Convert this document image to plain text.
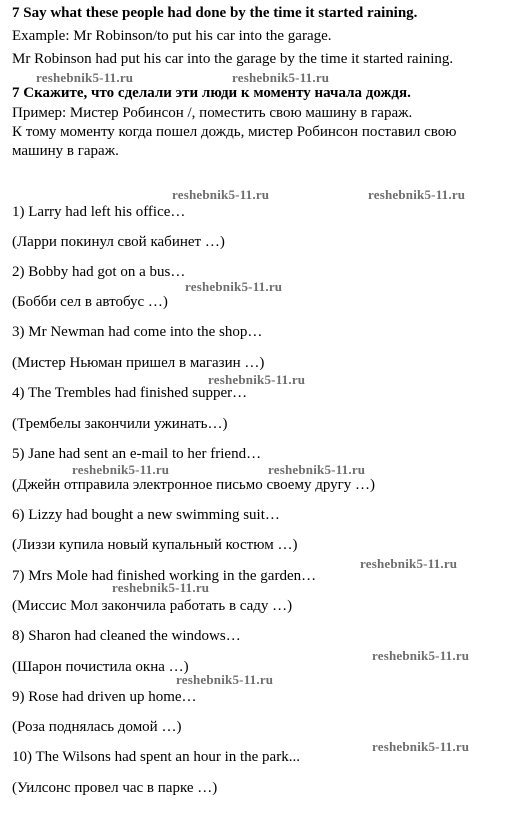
7 Say what these people had done by the time it started raining.
Example: Mr Robinson/to put his car into the garage.
Mr Robinson had put his car into the garage by the time it started raining.
7 Скажите, что сделали эти люди к моменту начала дождя.
Пример: Мистер Робинсон /, поместить свою машину в гараж.
К тому моменту когда пошел дождь, мистер Робинсон поставил свою
машину в гараж.
1) Larry had left his office…
(Ларри покинул свой кабинет …)
2) Bobby had got on a bus…
(Бобби сел в автобус …)
3) Mr Newman had come into the shop…
(Мистер Ньюман пришел в магазин …)
4) The Trembles had finished supper…
(Трембелы закончили ужинать…)
5) Jane had sent an e-mail to her friend…
(Джейн отправила электронное письмо своему другу …)
6) Lizzy had bought a new swimming suit…
(Лиззи купила новый купальный костюм …)
7) Mrs Mole had finished working in the garden…
(Миссис Мол закончила работать в саду …)
8) Sharon had cleaned the windows…
(Шарон почистила окна …)
9) Rose had driven up home…
(Роза поднялась домой …)
10) The Wilsons had spent an hour in the park...
(Уилсонс провел час в парке …)
reshebnik5-11.ru	reshebnik5-11.ru
reshebnik5-11.ru	reshebnik5-11.ru
reshebnik5-11.ru
reshebnik5-11.ru
reshebnik5-11.ru	reshebnik5-11.ru
reshebnik5-11.ru
reshebnik5-11.ru
reshebnik5-11.ru
reshebnik5-11.ru
reshebnik5-11.ru
